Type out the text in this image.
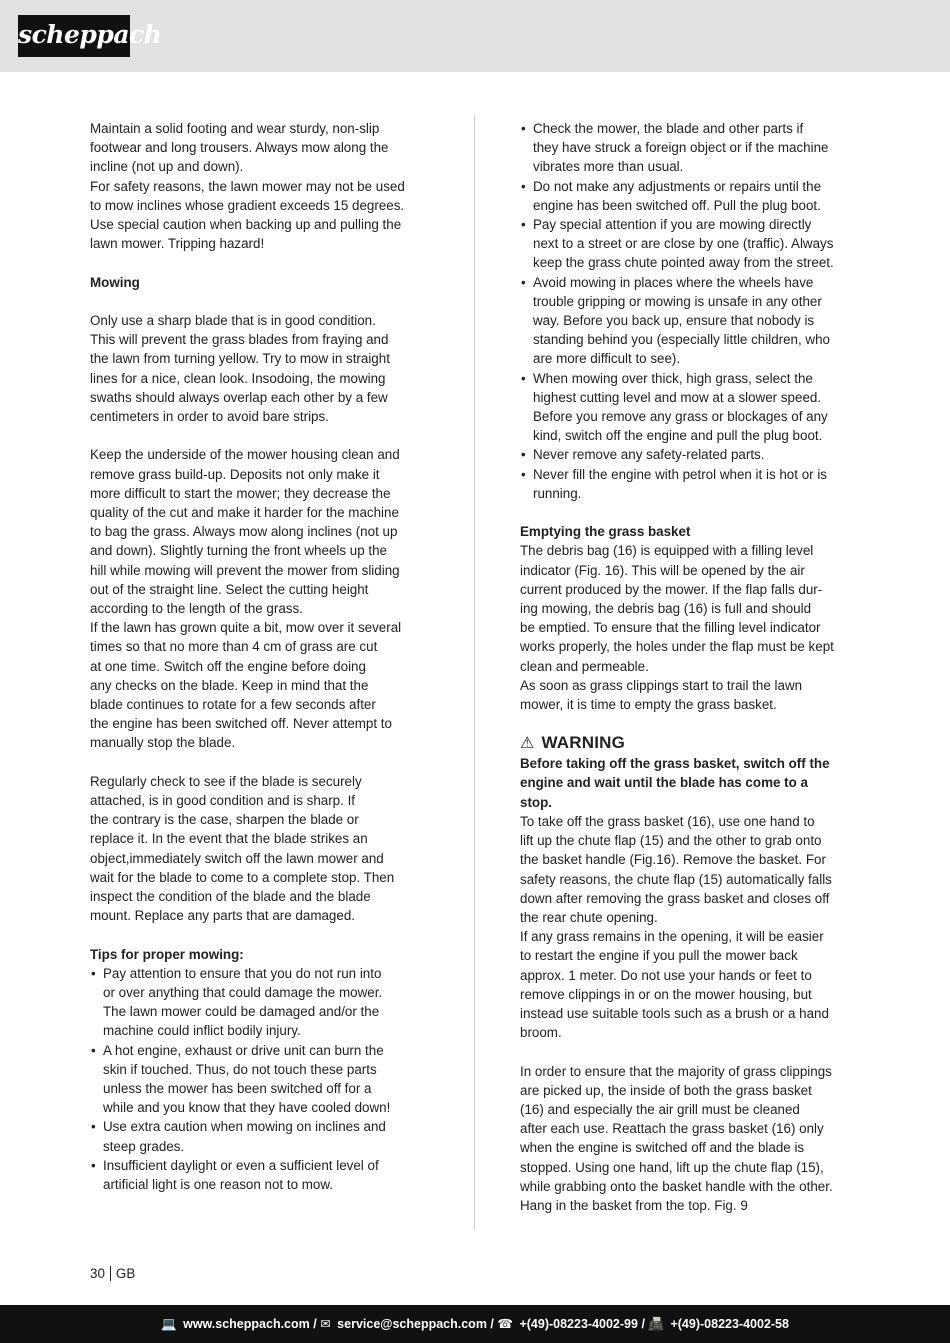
scheppach

Maintain a solid footing and wear sturdy, non-slip
footwear and long trousers. Always mow along the
incline (not up and down).
For safety reasons, the lawn mower may not be used
to mow inclines whose gradient exceeds 15 degrees.
Use special caution when backing up and pulling the
lawn mower. Tripping hazard!

Mowing

Only use a sharp blade that is in good condition.
This will prevent the grass blades from fraying and
the lawn from turning yellow. Try to mow in straight
lines for a nice, clean look. Insodoing, the mowing
swaths should always overlap each other by a few
centimeters in order to avoid bare strips.

Keep the underside of the mower housing clean and
remove grass build-up. Deposits not only make it
more difficult to start the mower; they decrease the
quality of the cut and make it harder for the machine
to bag the grass. Always mow along inclines (not up
and down). Slightly turning the front wheels up the
hill while mowing will prevent the mower from sliding
out of the straight line. Select the cutting height
according to the length of the grass.
If the lawn has grown quite a bit, mow over it several
times so that no more than 4 cm of grass are cut
at one time. Switch off the engine before doing
any checks on the blade. Keep in mind that the
blade continues to rotate for a few seconds after
the engine has been switched off. Never attempt to
manually stop the blade.

Regularly check to see if the blade is securely
attached, is in good condition and is sharp. If
the contrary is the case, sharpen the blade or
replace it. In the event that the blade strikes an
object,immediately switch off the lawn mower and
wait for the blade to come to a complete stop. Then
inspect the condition of the blade and the blade
mount. Replace any parts that are damaged.

Tips for proper mowing:

• Pay attention to ensure that you do not run into
or over anything that could damage the mower.
The lawn mower could be damaged and/or the
machine could inflict bodily injury.
• A hot engine, exhaust or drive unit can burn the
skin if touched. Thus, do not touch these parts
unless the mower has been switched off for a
while and you know that they have cooled down!
• Use extra caution when mowing on inclines and
steep grades.
• Insufficient daylight or even a sufficient level of
artificial light is one reason not to mow.
• Check the mower, the blade and other parts if
they have struck a foreign object or if the machine
vibrates more than usual.
• Do not make any adjustments or repairs until the
engine has been switched off. Pull the plug boot.
• Pay special attention if you are mowing directly
next to a street or are close by one (traffic). Always
keep the grass chute pointed away from the street.
• Avoid mowing in places where the wheels have
trouble gripping or mowing is unsafe in any other
way. Before you back up, ensure that nobody is
standing behind you (especially little children, who
are more difficult to see).
• When mowing over thick, high grass, select the
highest cutting level and mow at a slower speed.
Before you remove any grass or blockages of any
kind, switch off the engine and pull the plug boot.
• Never remove any safety-related parts.
• Never fill the engine with petrol when it is hot or is
running.

Emptying the grass basket

The debris bag (16) is equipped with a filling level
indicator (Fig. 16). This will be opened by the air
current produced by the mower. If the flap falls dur-
ing mowing, the debris bag (16) is full and should
be emptied. To ensure that the filling level indicator
works properly, the holes under the flap must be kept
clean and permeable.
As soon as grass clippings start to trail the lawn
mower, it is time to empty the grass basket.

⚠ WARNING

Before taking off the grass basket, switch off the
engine and wait until the blade has come to a
stop.

To take off the grass basket (16), use one hand to
lift up the chute flap (15) and the other to grab onto
the basket handle (Fig.16). Remove the basket. For
safety reasons, the chute flap (15) automatically falls
down after removing the grass basket and closes off
the rear chute opening.
If any grass remains in the opening, it will be easier
to restart the engine if you pull the mower back
approx. 1 meter. Do not use your hands or feet to
remove clippings in or on the mower housing, but
instead use suitable tools such as a brush or a hand
broom.

In order to ensure that the majority of grass clippings
are picked up, the inside of both the grass basket
(16) and especially the air grill must be cleaned
after each use. Reattach the grass basket (16) only
when the engine is switched off and the blade is
stopped. Using one hand, lift up the chute flap (15),
while grabbing onto the basket handle with the other.
Hang in the basket from the top. Fig. 9

30 GB
💻 www.scheppach.com / ✉ service@scheppach.com / ☎ +(49)-08223-4002-99 / 📠 +(49)-08223-4002-58
